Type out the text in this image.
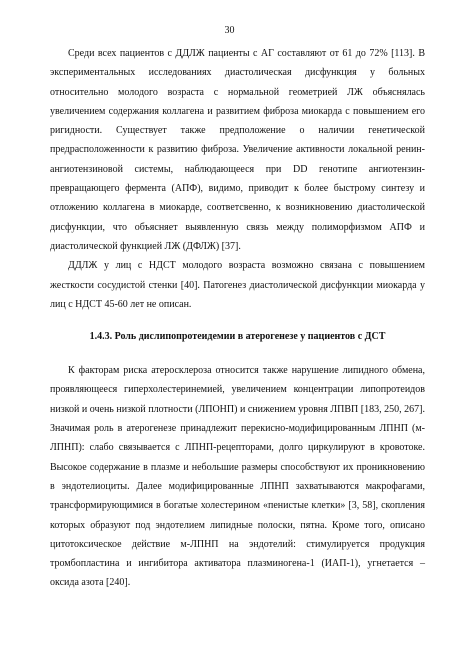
30

Среди всех пациентов с ДДЛЖ пациенты с АГ составляют от 61 до 72% [113]. В экспериментальных исследованиях диастолическая дисфункция у больных относительно молодого возраста с нормальной геометрией ЛЖ объяснялась увеличением содержания коллагена и развитием фиброза миокарда с повышением его ригидности. Существует также предположение о наличии генетической предрасположенности к развитию фиброза. Увеличение активности локальной ренин-ангиотензиновой системы, наблюдающееся при DD генотипе ангиотензин-превращающего фермента (АПФ), видимо, приводит к более быстрому синтезу и отложению коллагена в миокарде, соответсвенно, к возникновению диастолической дисфункции, что объясняет выявленную связь между полиморфизмом АПФ и диастолической функцией ЛЖ (ДФЛЖ) [37].

ДДЛЖ у лиц с НДСТ молодого возраста возможно связана с повышением жесткости сосудистой стенки [40]. Патогенез диастолической дисфункции миокарда у лиц с НДСТ 45-60 лет не описан.

1.4.3. Роль дислипопротеидемии в атерогенезе у пациентов с ДСТ

К факторам риска атеросклероза относится также нарушение липидного обмена, проявляющееся гиперхолестеринемией, увеличением концентрации липопротеидов низкой и очень низкой плотности (ЛПОНП) и снижением уровня ЛПВП [183, 250, 267]. Значимая роль в атерогенезе принадлежит перекисно-модифицированным ЛПНП (м-ЛПНП): слабо связывается с ЛПНП-рецепторами, долго циркулируют в кровотоке. Высокое содержание в плазме и небольшие размеры способствуют их проникновению в эндотелиоциты. Далее модифицированные ЛПНП захватываются макрофагами, трансформирующимися в богатые холестерином «пенистые клетки» [3, 58], скопления которых образуют под эндотелием липидные полоски, пятна. Кроме того, описано цитотоксическое действие м-ЛПНП на эндотелий: стимулируется продукция тромбопластина и ингибитора активатора плазминогена-1 (ИАП-1), угнетается – оксида азота [240].
